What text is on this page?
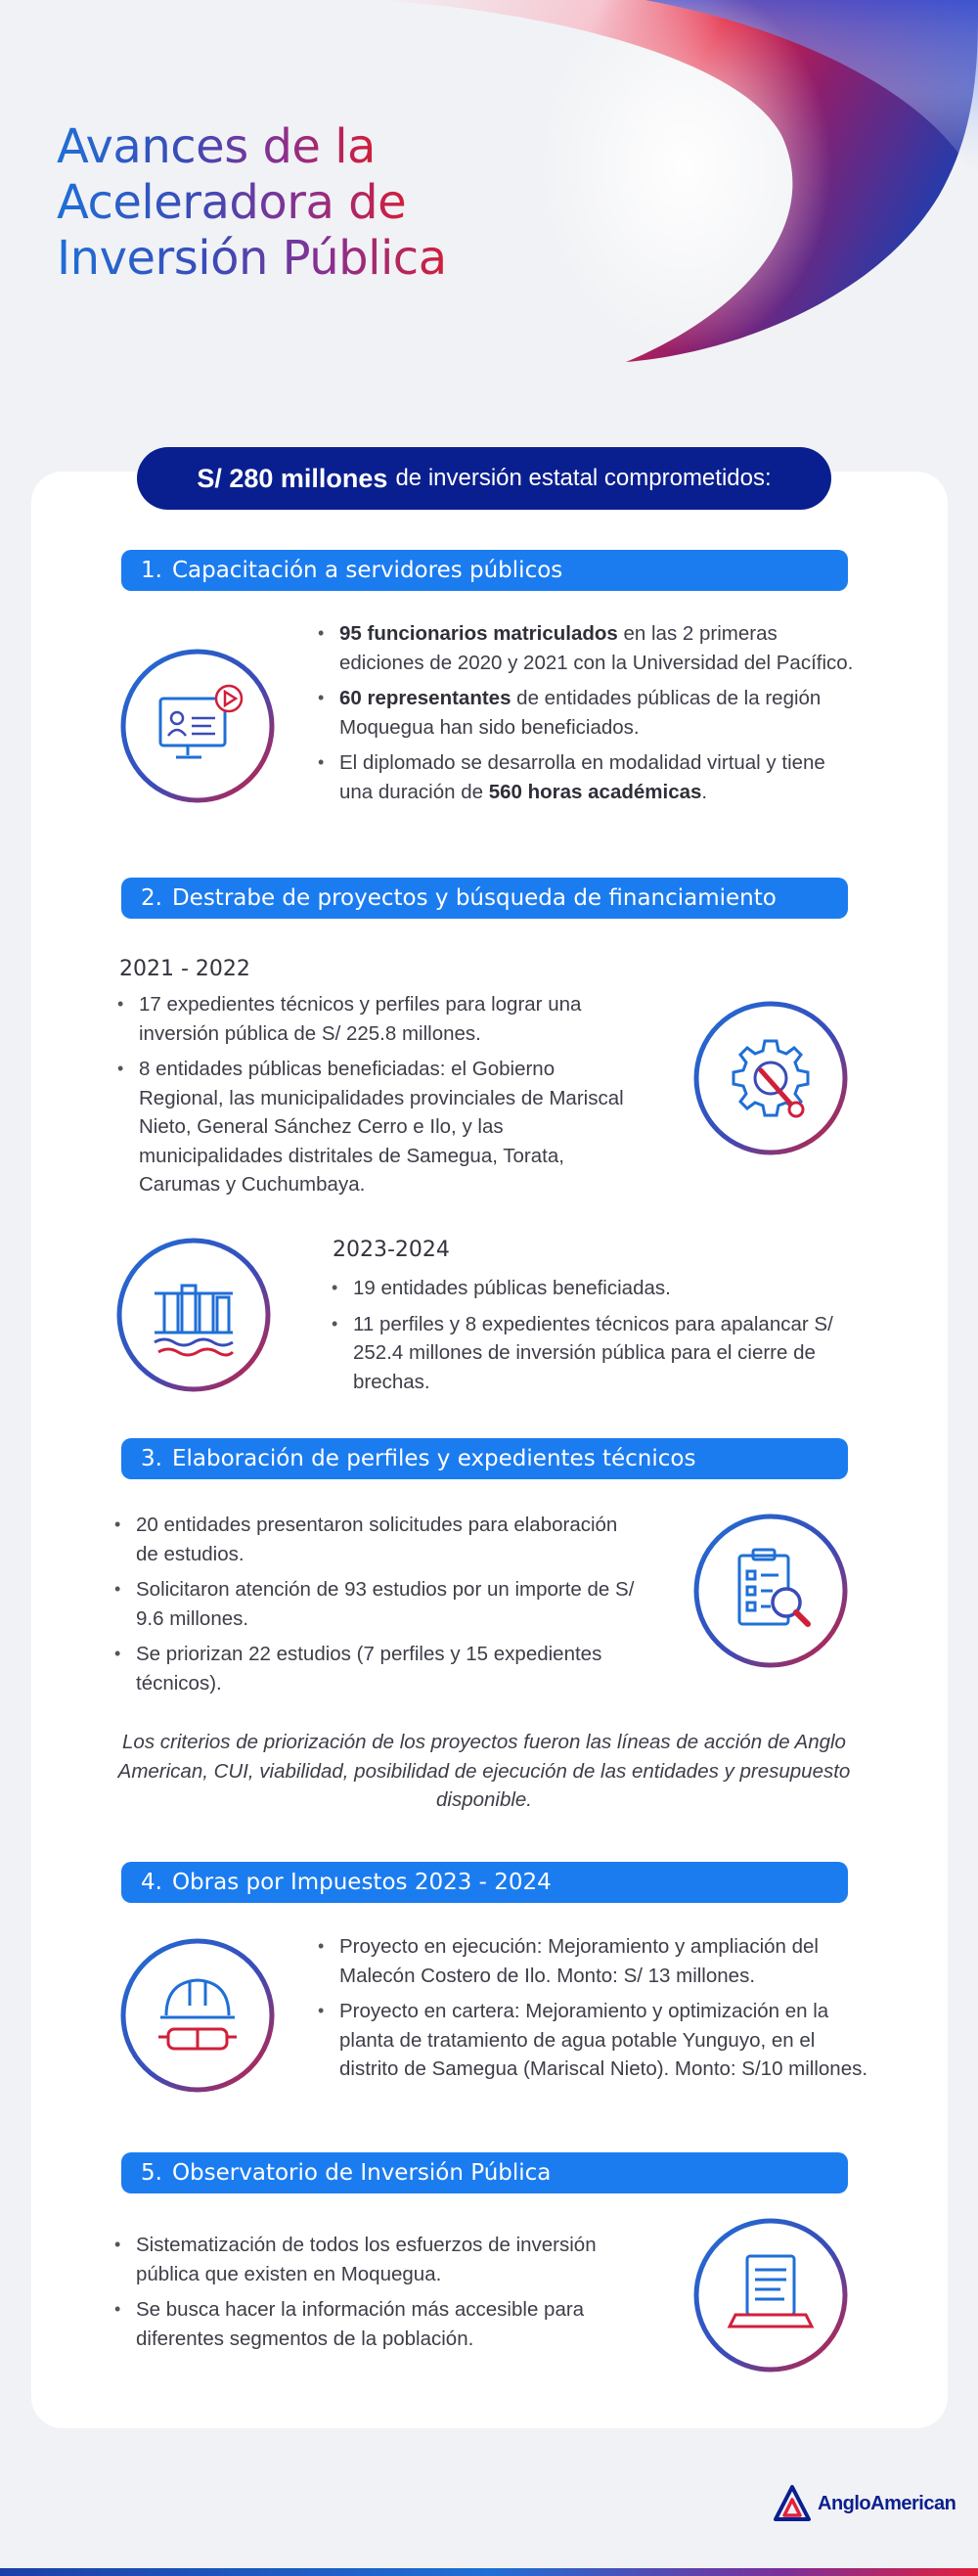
Avances de la
Aceleradora de
Inversión Pública
S/ 280 millones de inversión estatal comprometidos:
1. Capacitación a servidores públicos
• 95 funcionarios matriculados en las 2 primeras ediciones de 2020 y 2021 con la Universidad del Pacífico.
• 60 representantes de entidades públicas de la región Moquegua han sido beneficiados.
• El diplomado se desarrolla en modalidad virtual y tiene una duración de 560 horas académicas.
2. Destrabe de proyectos y búsqueda de financiamiento
2021 - 2022
• 17 expedientes técnicos y perfiles para lograr una inversión pública de S/ 225.8 millones.
• 8 entidades públicas beneficiadas: el Gobierno Regional, las municipalidades provinciales de Mariscal Nieto, General Sánchez Cerro e Ilo, y las municipalidades distritales de Samegua, Torata, Carumas y Cuchumbaya.
2023-2024
• 19 entidades públicas beneficiadas.
• 11 perfiles y 8 expedientes técnicos para apalancar S/ 252.4 millones de inversión pública para el cierre de brechas.
3. Elaboración de perfiles y expedientes técnicos
• 20 entidades presentaron solicitudes para elaboración de estudios.
• Solicitaron atención de 93 estudios por un importe de S/ 9.6 millones.
• Se priorizan 22 estudios (7 perfiles y 15 expedientes técnicos).

Los criterios de priorización de los proyectos fueron las líneas de acción de Anglo American, CUI, viabilidad, posibilidad de ejecución de las entidades y presupuesto disponible.

4. Obras por Impuestos 2023 - 2024
• Proyecto en ejecución: Mejoramiento y ampliación del Malecón Costero de Ilo. Monto: S/ 13 millones.
• Proyecto en cartera: Mejoramiento y optimización en la planta de tratamiento de agua potable Yunguyo, en el distrito de Samegua (Mariscal Nieto). Monto: S/10 millones.
5. Observatorio de Inversión Pública
• Sistematización de todos los esfuerzos de inversión pública que existen en Moquegua.
• Se busca hacer la información más accesible para diferentes segmentos de la población.
AngloAmerican
